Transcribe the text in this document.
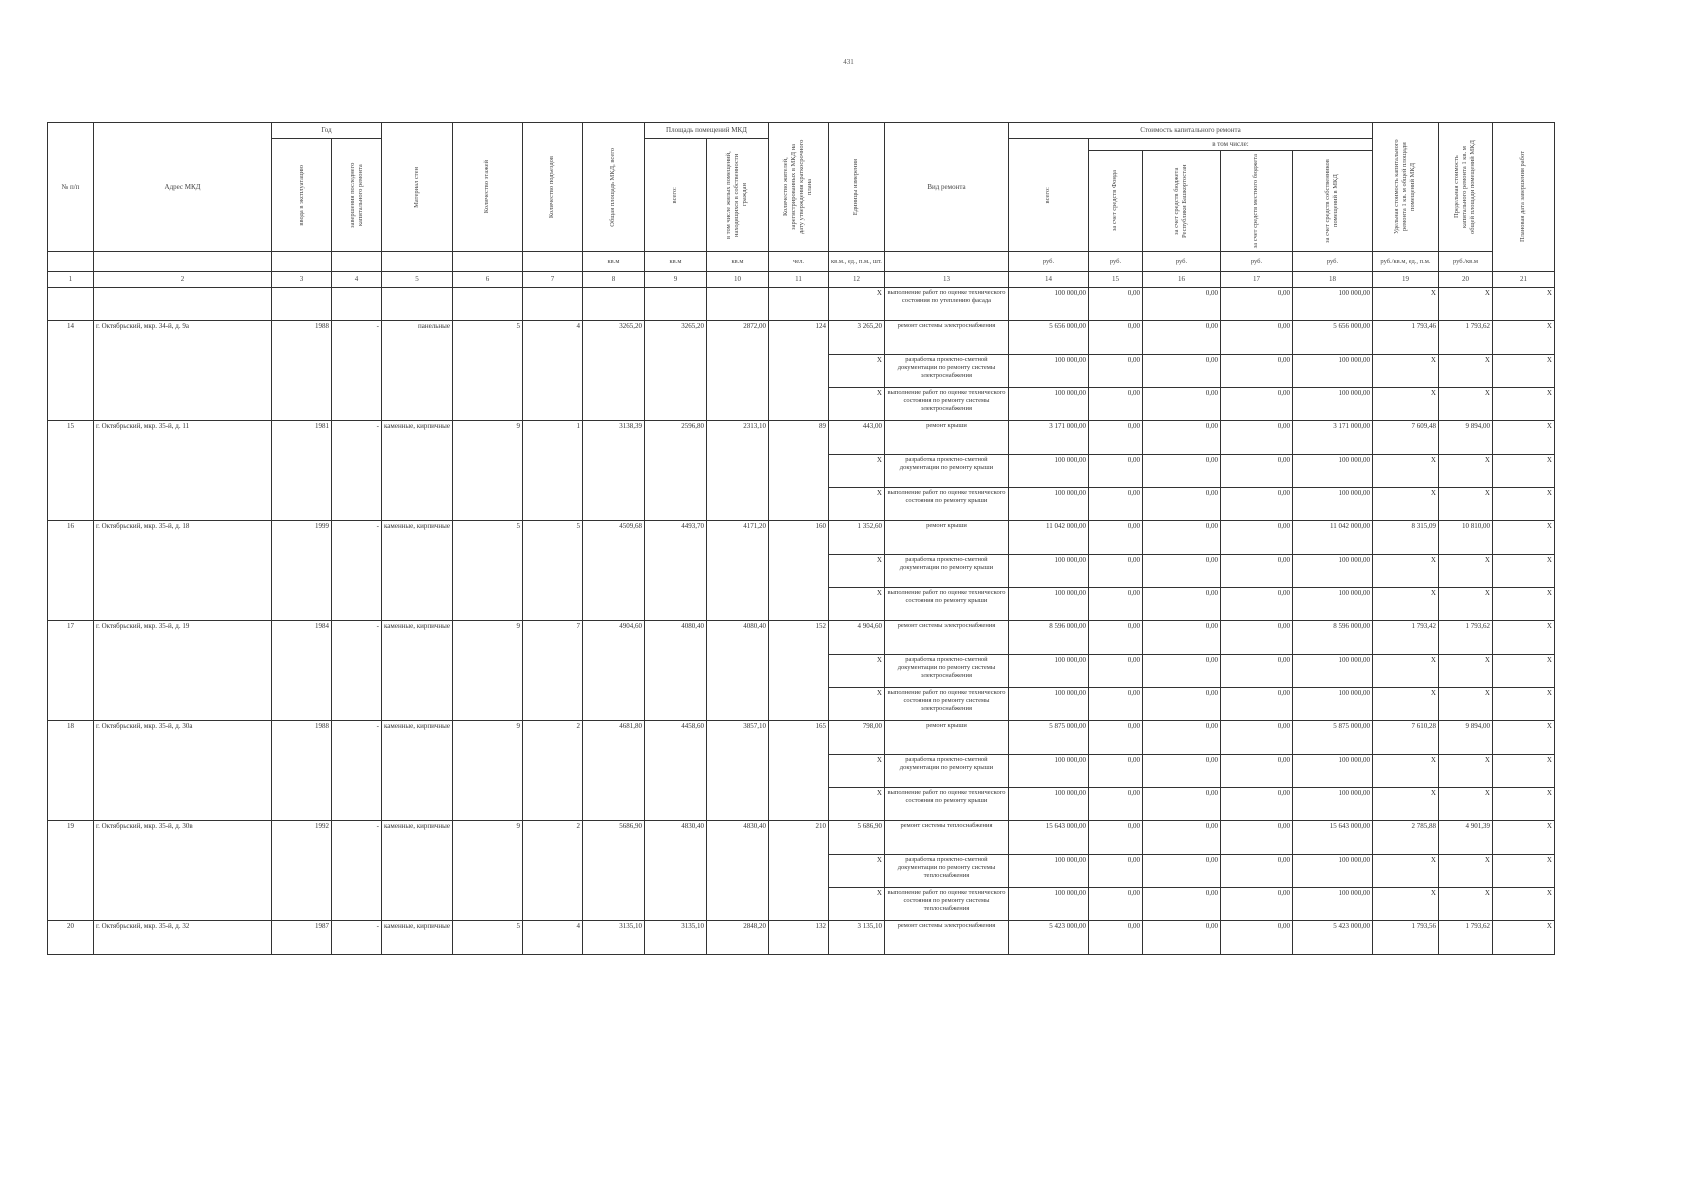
431
№ п/п	Адрес МКД	Год		Материал стен	Количество этажей	Количество подъездов	Общая площадь МКД, всего	Площадь помещений МКД		Количество жителей, зарегистрированных в МКД на дату утверждения краткосрочного плана	Единицы измерения	Вид ремонта	Стоимость капитального ремонта					Удельная стоимость капитального ремонта 1 кв. м общей площади помещений МКД	Предельная стоимость капитального ремонта 1 кв. м общей площади помещений МКД	Плановая дата завершения работ

		ввода в эксплуатацию	завершения последнего капитального ремонта					всего:	в том числе жилых помещений, находящихся в собственности граждан				всего:	в том числе:						

														за счет средств Фонда	за счет средств бюджета Республики Башкортостан	за счет средств местного бюджета	за счет средств собственников помещений в МКД			

							кв.м	кв.м	кв.м	чел.	кв.м., ед., п.м., шт.		руб.	руб.	руб.	руб.	руб.	руб./кв.м, ед., п.м.	руб./кв.м	
1	2	3	4	5	6	7	8	9	10	11	12	13	14	15	16	17	18	19	20	21
											X	выполнение работ по оценке технического состояния по утеплению фасада	100 000,00	0,00	0,00	0,00	100 000,00	X	X	X
14	г. Октябрьский, мкр. 34-й, д. 9а	1988	-	панельные	5	4	3265,20	3265,20	2872,00	124	3 265,20	ремонт системы электроснабжения	5 656 000,00	0,00	0,00	0,00	5 656 000,00	1 793,46	1 793,62	X
											X	разработка проектно-сметной документации по ремонту системы электроснабжения	100 000,00	0,00	0,00	0,00	100 000,00	X	X	X
											X	выполнение работ по оценке технического состояния по ремонту системы электроснабжения	100 000,00	0,00	0,00	0,00	100 000,00	X	X	X
15	г. Октябрьский, мкр. 35-й, д. 11	1981	-	каменные, кирпичные	9	1	3138,39	2596,80	2313,10	89	443,00	ремонт крыши	3 171 000,00	0,00	0,00	0,00	3 171 000,00	7 609,48	9 894,00	X
											X	разработка проектно-сметной документации по ремонту крыши	100 000,00	0,00	0,00	0,00	100 000,00	X	X	X
											X	выполнение работ по оценке технического состояния по ремонту крыши	100 000,00	0,00	0,00	0,00	100 000,00	X	X	X
16	г. Октябрьский, мкр. 35-й, д. 18	1999	-	каменные, кирпичные	5	5	4509,68	4493,70	4171,20	160	1 352,60	ремонт крыши	11 042 000,00	0,00	0,00	0,00	11 042 000,00	8 315,09	10 810,00	X
											X	разработка проектно-сметной документации по ремонту крыши	100 000,00	0,00	0,00	0,00	100 000,00	X	X	X
											X	выполнение работ по оценке технического состояния по ремонту крыши	100 000,00	0,00	0,00	0,00	100 000,00	X	X	X
17	г. Октябрьский, мкр. 35-й, д. 19	1984	-	каменные, кирпичные	9	7	4904,60	4080,40	4080,40	152	4 904,60	ремонт системы электроснабжения	8 596 000,00	0,00	0,00	0,00	8 596 000,00	1 793,42	1 793,62	X
											X	разработка проектно-сметной документации по ремонту системы электроснабжения	100 000,00	0,00	0,00	0,00	100 000,00	X	X	X
											X	выполнение работ по оценке технического состояния по ремонту системы электроснабжения	100 000,00	0,00	0,00	0,00	100 000,00	X	X	X
18	г. Октябрьский, мкр. 35-й, д. 30а	1988	-	каменные, кирпичные	9	2	4681,80	4458,60	3857,10	165	798,00	ремонт крыши	5 875 000,00	0,00	0,00	0,00	5 875 000,00	7 610,28	9 894,00	X
											X	разработка проектно-сметной документации по ремонту крыши	100 000,00	0,00	0,00	0,00	100 000,00	X	X	X
											X	выполнение работ по оценке технического состояния по ремонту крыши	100 000,00	0,00	0,00	0,00	100 000,00	X	X	X
19	г. Октябрьский, мкр. 35-й, д. 30в	1992	-	каменные, кирпичные	9	2	5686,90	4830,40	4830,40	210	5 686,90	ремонт системы теплоснабжения	15 643 000,00	0,00	0,00	0,00	15 643 000,00	2 785,88	4 901,39	X
											X	разработка проектно-сметной документации по ремонту системы теплоснабжения	100 000,00	0,00	0,00	0,00	100 000,00	X	X	X
											X	выполнение работ по оценке технического состояния по ремонту системы теплоснабжения	100 000,00	0,00	0,00	0,00	100 000,00	X	X	X
20	г. Октябрьский, мкр. 35-й, д. 32	1987	-	каменные, кирпичные	5	4	3135,10	3135,10	2848,20	132	3 135,10	ремонт системы электроснабжения	5 423 000,00	0,00	0,00	0,00	5 423 000,00	1 793,56	1 793,62	X
